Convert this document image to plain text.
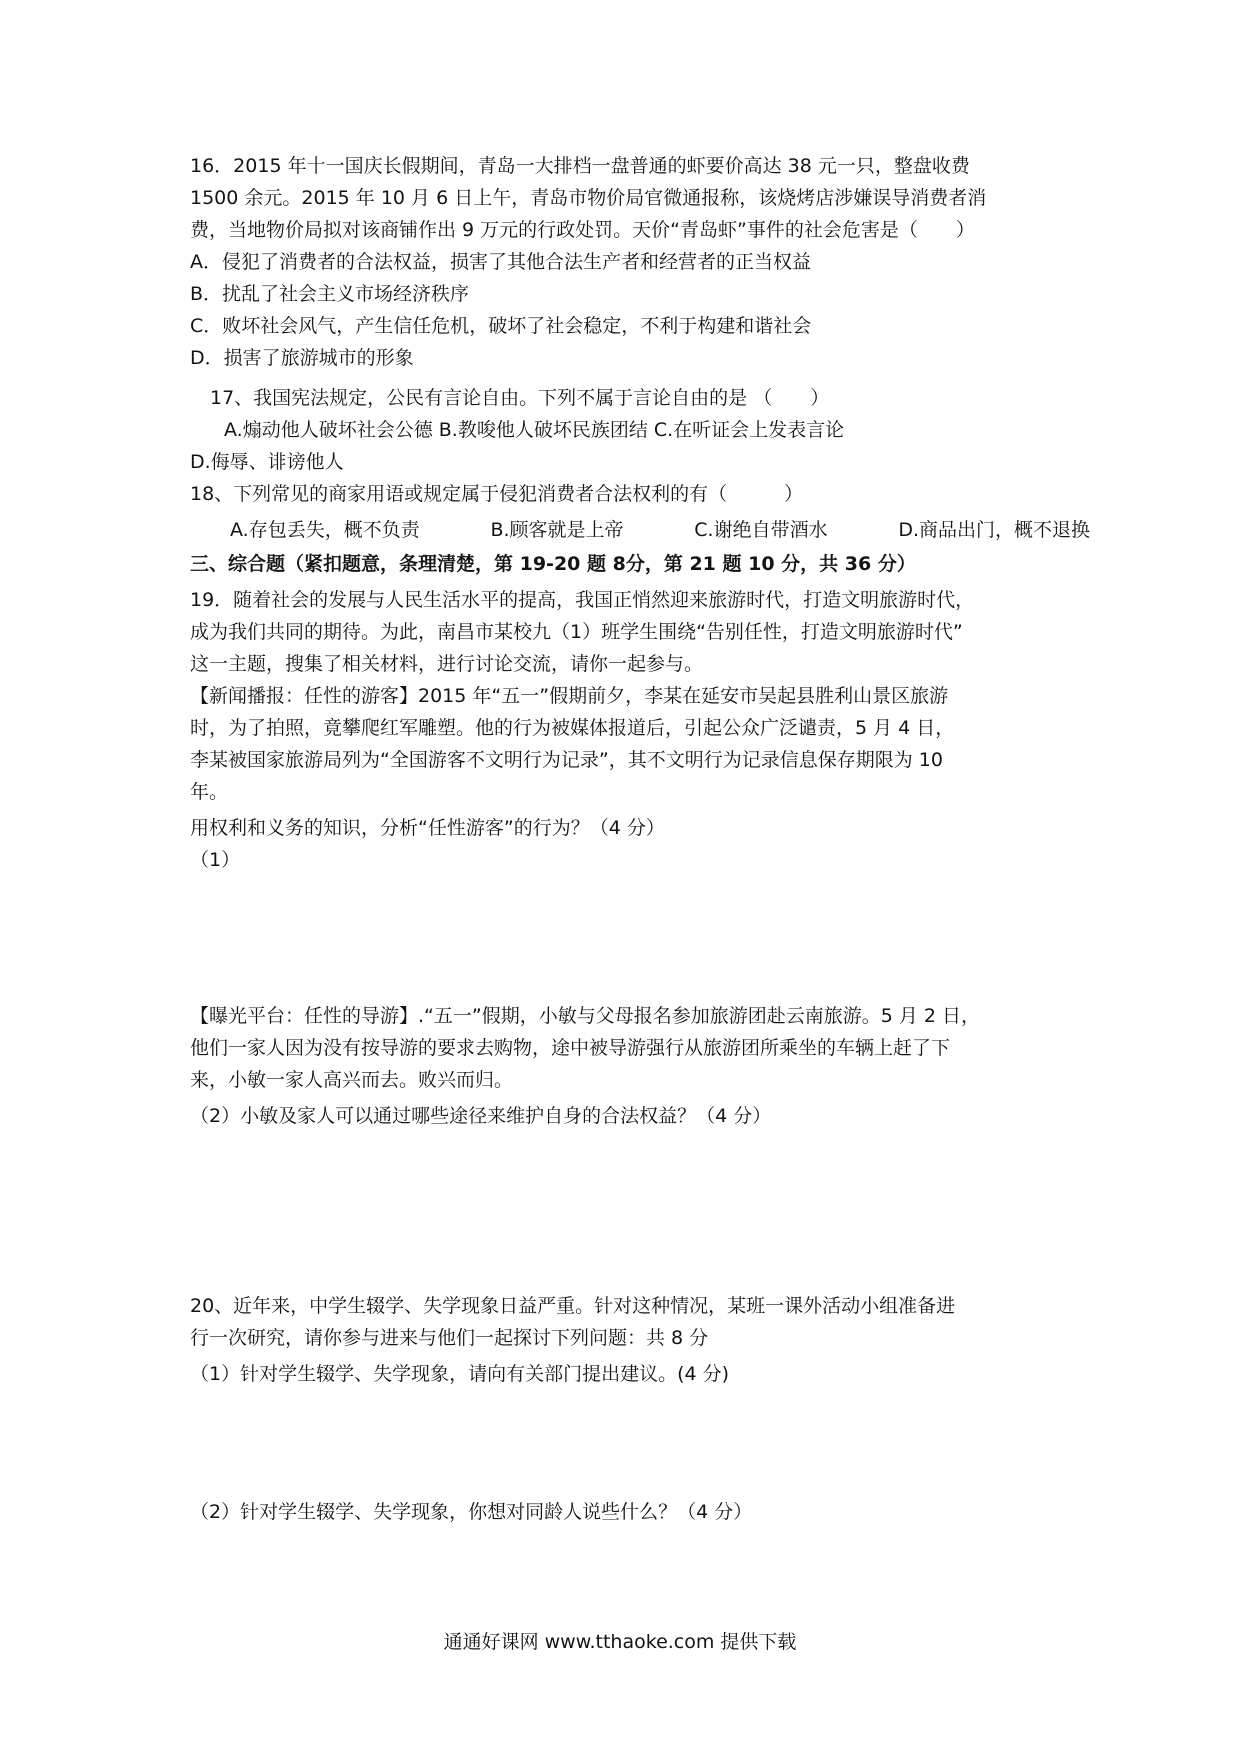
16．2015 年十一国庆长假期间，青岛一大排档一盘普通的虾要价高达 38 元一只，整盘收费
1500 余元。2015 年 10 月 6 日上午，青岛市物价局官微通报称，该烧烤店涉嫌误导消费者消
费，当地物价局拟对该商铺作出 9 万元的行政处罚。天价“青岛虾”事件的社会危害是（　　）
A．侵犯了消费者的合法权益，损害了其他合法生产者和经营者的正当权益
B．扰乱了社会主义市场经济秩序
C．败坏社会风气，产生信任危机，破坏了社会稳定，不利于构建和谐社会
D．损害了旅游城市的形象
17、我国宪法规定，公民有言论自由。下列不属于言论自由的是 （　　）
A.煽动他人破坏社会公德 B.教唆他人破坏民族团结 C.在听证会上发表言论
D.侮辱、诽谤他人
18、下列常见的商家用语或规定属于侵犯消费者合法权利的有（　　　）
A.存包丢失，概不负责	B.顾客就是上帝	C.谢绝自带酒水	D.商品出门，概不退换
三、综合题（紧扣题意，条理清楚，第 19-20 题 8分，第 21 题 10 分，共 36 分）
19．随着社会的发展与人民生活水平的提高，我国正悄然迎来旅游时代，打造文明旅游时代，
成为我们共同的期待。为此，南昌市某校九（1）班学生围绕“告别任性，打造文明旅游时代”
这一主题，搜集了相关材料，进行讨论交流，请你一起参与。
【新闻播报：任性的游客】2015 年“五一”假期前夕，李某在延安市吴起县胜利山景区旅游
时，为了拍照，竟攀爬红军雕塑。他的行为被媒体报道后，引起公众广泛谴责，5 月 4 日，
李某被国家旅游局列为“全国游客不文明行为记录”，其不文明行为记录信息保存期限为 10
年。
用权利和义务的知识，分析“任性游客”的行为？（4 分）
（1）
【曝光平台：任性的导游】.“五一”假期，小敏与父母报名参加旅游团赴云南旅游。5 月 2 日，
他们一家人因为没有按导游的要求去购物，途中被导游强行从旅游团所乘坐的车辆上赶了下
来，小敏一家人高兴而去。败兴而归。
（2）小敏及家人可以通过哪些途径来维护自身的合法权益？（4 分）
20、近年来，中学生辍学、失学现象日益严重。针对这种情况，某班一课外活动小组准备进
行一次研究，请你参与进来与他们一起探讨下列问题：共 8 分
（1）针对学生辍学、失学现象，请向有关部门提出建议。(4 分)
（2）针对学生辍学、失学现象，你想对同龄人说些什么？（4 分）
通通好课网 www.tthaoke.com 提供下载
